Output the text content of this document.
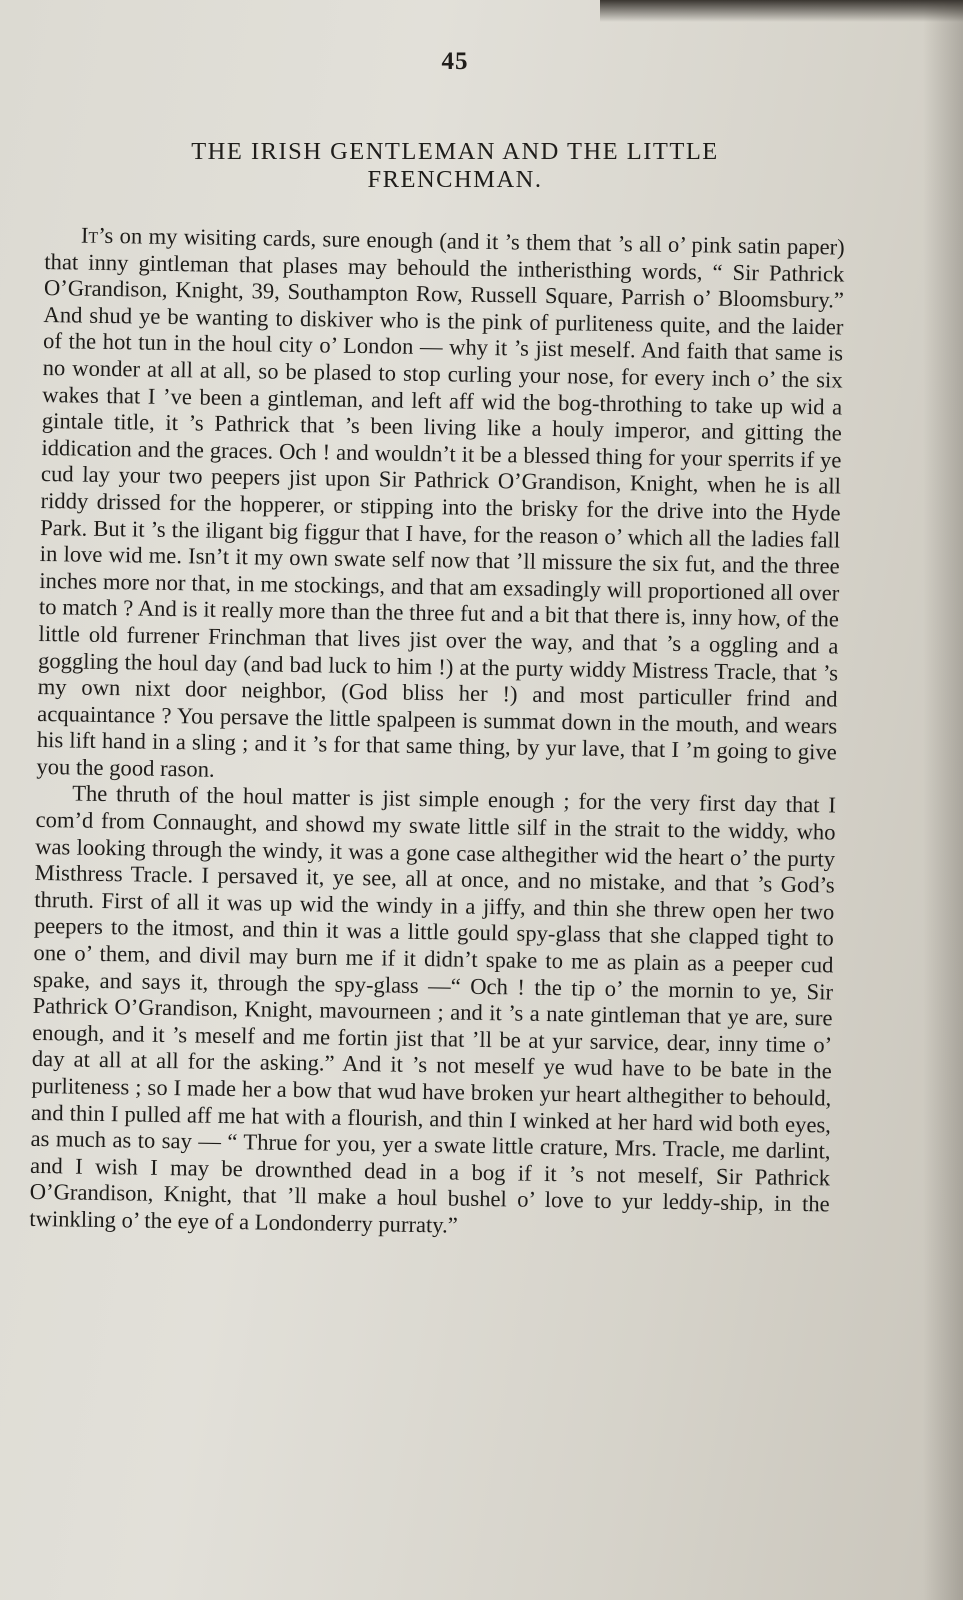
45
THE IRISH GENTLEMAN AND THE LITTLE
FRENCHMAN.

It’s on my wisiting cards, sure enough (and it ’s them that ’s all o’ pink satin paper) that inny gintleman that plases may behould the intheristhing words, “ Sir Pathrick O’Grandison, Knight, 39, Southampton Row, Russell Square, Parrish o’ Bloomsbury.” And shud ye be wanting to diskiver who is the pink of purliteness quite, and the laider of the hot tun in the houl city o’ London — why it ’s jist meself. And faith that same is no wonder at all at all, so be plased to stop curling your nose, for every inch o’ the six wakes that I ’ve been a gintleman, and left aff wid the bog-throthing to take up wid a gintale title, it ’s Pathrick that ’s been living like a houly imperor, and gitting the iddication and the graces. Och ! and wouldn’t it be a blessed thing for your sperrits if ye cud lay your two peepers jist upon Sir Pathrick O’Grandison, Knight, when he is all riddy drissed for the hopperer, or stipping into the brisky for the drive into the Hyde Park. But it ’s the iligant big figgur that I have, for the reason o’ which all the ladies fall in love wid me. Isn’t it my own swate self now that ’ll missure the six fut, and the three inches more nor that, in me stockings, and that am exsadingly will proportioned all over to match ? And is it really more than the three fut and a bit that there is, inny how, of the little old furrener Frinchman that lives jist over the way, and that ’s a oggling and a goggling the houl day (and bad luck to him !) at the purty widdy Mistress Tracle, that ’s my own nixt door neighbor, (God bliss her !) and most particuller frind and acquaintance ? You persave the little spalpeen is summat down in the mouth, and wears his lift hand in a sling ; and it ’s for that same thing, by yur lave, that I ’m going to give you the good rason.

The thruth of the houl matter is jist simple enough ; for the very first day that I com’d from Connaught, and showd my swate little silf in the strait to the widdy, who was looking through the windy, it was a gone case althegither wid the heart o’ the purty Misthress Tracle. I persaved it, ye see, all at once, and no mistake, and that ’s God’s thruth. First of all it was up wid the windy in a jiffy, and thin she threw open her two peepers to the itmost, and thin it was a little gould spy-glass that she clapped tight to one o’ them, and divil may burn me if it didn’t spake to me as plain as a peeper cud spake, and says it, through the spy-glass —“ Och ! the tip o’ the mornin to ye, Sir Pathrick O’Grandison, Knight, mavourneen ; and it ’s a nate gintleman that ye are, sure enough, and it ’s meself and me fortin jist that ’ll be at yur sarvice, dear, inny time o’ day at all at all for the asking.” And it ’s not meself ye wud have to be bate in the purliteness ; so I made her a bow that wud have broken yur heart althegither to behould, and thin I pulled aff me hat with a flourish, and thin I winked at her hard wid both eyes, as much as to say — “ Thrue for you, yer a swate little crature, Mrs. Tracle, me darlint, and I wish I may be drownthed dead in a bog if it ’s not meself, Sir Pathrick O’Grandison, Knight, that ’ll make a houl bushel o’ love to yur leddy-ship, in the twinkling o’ the eye of a Londonderry purraty.”
